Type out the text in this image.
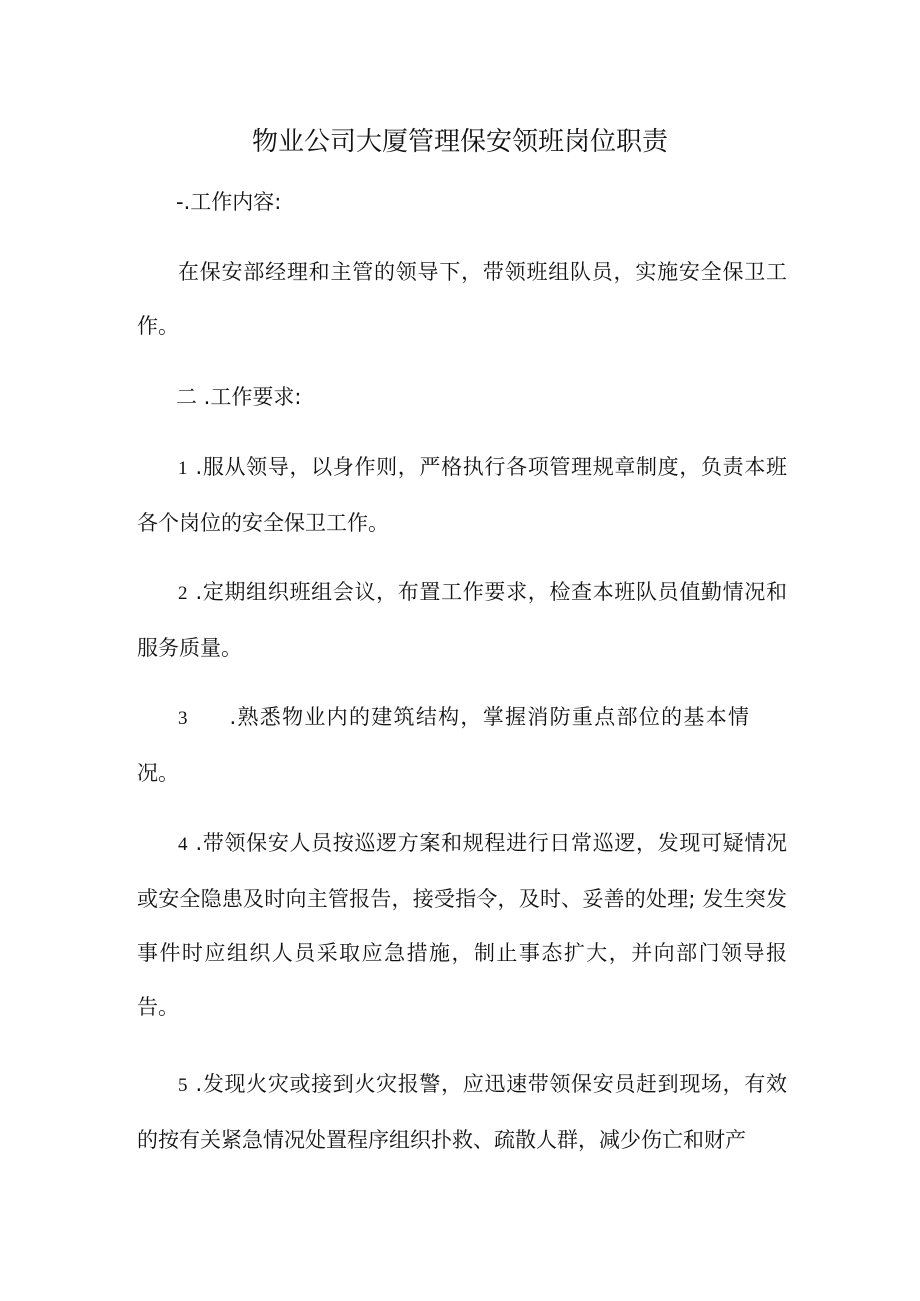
物业公司大厦管理保安领班岗位职责
-.工作内容:

在保安部经理和主管的领导下，带领班组队员，实施安全保卫工作。

二 .工作要求:

1 .服从领导，以身作则，严格执行各项管理规章制度，负责本班各个岗位的安全保卫工作。

2 .定期组织班组会议，布置工作要求，检查本班队员值勤情况和服务质量。

3 .熟悉物业内的建筑结构，掌握消防重点部位的基本情况。

4 .带领保安人员按巡逻方案和规程进行日常巡逻，发现可疑情况或安全隐患及时向主管报告，接受指令，及时、妥善的处理; 发生突发事件时应组织人员采取应急措施，制止事态扩大，并向部门领导报告。

5 .发现火灾或接到火灾报警，应迅速带领保安员赶到现场，有效的按有关紧急情况处置程序组织扑救、疏散人群，减少伤亡和财产
